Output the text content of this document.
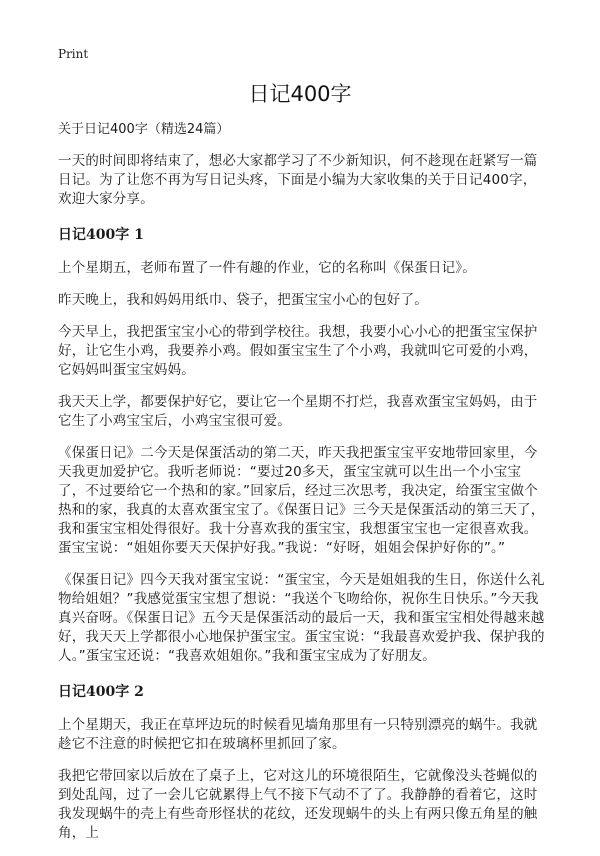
Print
日记400字
关于日记400字（精选24篇）

一天的时间即将结束了，想必大家都学习了不少新知识，何不趁现在赶紧写一篇日记。为了让您不再为写日记头疼，下面是小编为大家收集的关于日记400字，欢迎大家分享。

日记400字 1

上个星期五，老师布置了一件有趣的作业，它的名称叫《保蛋日记》。

昨天晚上，我和妈妈用纸巾、袋子，把蛋宝宝小心的包好了。

今天早上，我把蛋宝宝小心的带到学校往。我想，我要小心小心的把蛋宝宝保护好，让它生小鸡，我要养小鸡。假如蛋宝宝生了个小鸡，我就叫它可爱的小鸡，它妈妈叫蛋宝宝妈妈。

我天天上学，都要保护好它，要让它一个星期不打烂，我喜欢蛋宝宝妈妈，由于它生了小鸡宝宝后，小鸡宝宝很可爱。

《保蛋日记》二今天是保蛋活动的第二天，昨天我把蛋宝宝平安地带回家里，今天我更加爱护它。我听老师说：“要过20多天，蛋宝宝就可以生出一个小宝宝了，不过要给它一个热和的家。”回家后，经过三次思考，我决定，给蛋宝宝做个热和的家，我真的太喜欢蛋宝宝了。《保蛋日记》三今天是保蛋活动的第三天了，我和蛋宝宝相处得很好。我十分喜欢我的蛋宝宝，我想蛋宝宝也一定很喜欢我。蛋宝宝说：“姐姐你要天天保护好我。”我说：“好呀，姐姐会保护好你的”。”

《保蛋日记》四今天我对蛋宝宝说：“蛋宝宝，今天是姐姐我的生日，你送什么礼物给姐姐？”我感觉蛋宝宝想了想说：“我送个飞吻给你，祝你生日快乐。”今天我真兴奋呀。《保蛋日记》五今天是保蛋活动的最后一天，我和蛋宝宝相处得越来越好，我天天上学都很小心地保护蛋宝宝。蛋宝宝说：“我最喜欢爱护我、保护我的人。”蛋宝宝还说：“我喜欢姐姐你。”我和蛋宝宝成为了好朋友。

日记400字 2

上个星期天，我正在草坪边玩的时候看见墙角那里有一只特别漂亮的蜗牛。我就趁它不注意的时候把它扣在玻璃杯里抓回了家。

我把它带回家以后放在了桌子上，它对这儿的环境很陌生，它就像没头苍蝇似的到处乱闯，过了一会儿它就累得上气不接下气动不了了。我静静的看着它，这时我发现蜗牛的壳上有些奇形怪状的花纹，还发现蜗牛的头上有两只像五角星的触角，上
